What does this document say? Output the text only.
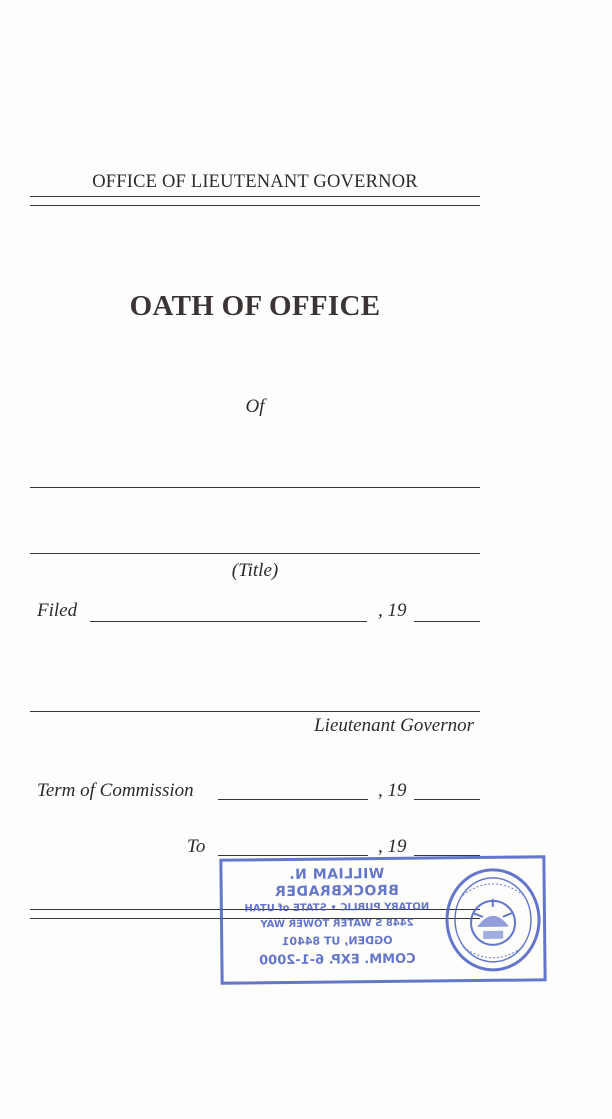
OFFICE OF LIEUTENANT GOVERNOR
OATH OF OFFICE
Of
(Title)
Filed	, 19
Lieutenant Governor
Term of Commission	, 19
To	, 19
WILLIAM N. BROCKBRADER
NOTARY PUBLIC • STATE of UTAH
2448 S WATER TOWER WAY
OGDEN, UT 84401
COMM. EXP. 6-1-2000
